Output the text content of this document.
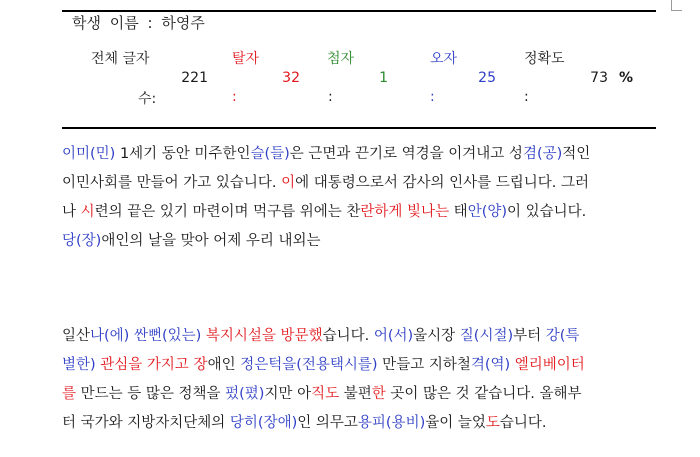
학생 이름 : 하영주
전체 글자
221
수:
탈자
32
:
첨자
1
:
오자
25
:
정확도
73 %
:
이미(민) 1세기 동안 미주한인슬(들)은 근면과 끈기로 역경을 이겨내고 성겸(공)적인
이민사회를 만들어 가고 있습니다. 이에 대통령으로서 감사의 인사를 드립니다. 그러
나 시련의 끝은 있기 마련이며 먹구름 위에는 찬란하게 빛나는 태안(양)이 있습니다.
당(장)애인의 날을 맞아 어제 우리 내외는
일산나(에) 싼뻔(있는) 복지시설을 방문했습니다. 어(서)울시장 질(시절)부터 강(특
별한) 관심을 가지고 장애인 정은턱을(전용택시를) 만들고 지하철격(역) 엘리베이터
를 만드는 등 많은 정책을 펐(폈)지만 아직도 불편한 곳이 많은 것 같습니다. 올해부
터 국가와 지방자치단체의 당히(장애)인 의무고용피(용비)율이 늘었도습니다.
